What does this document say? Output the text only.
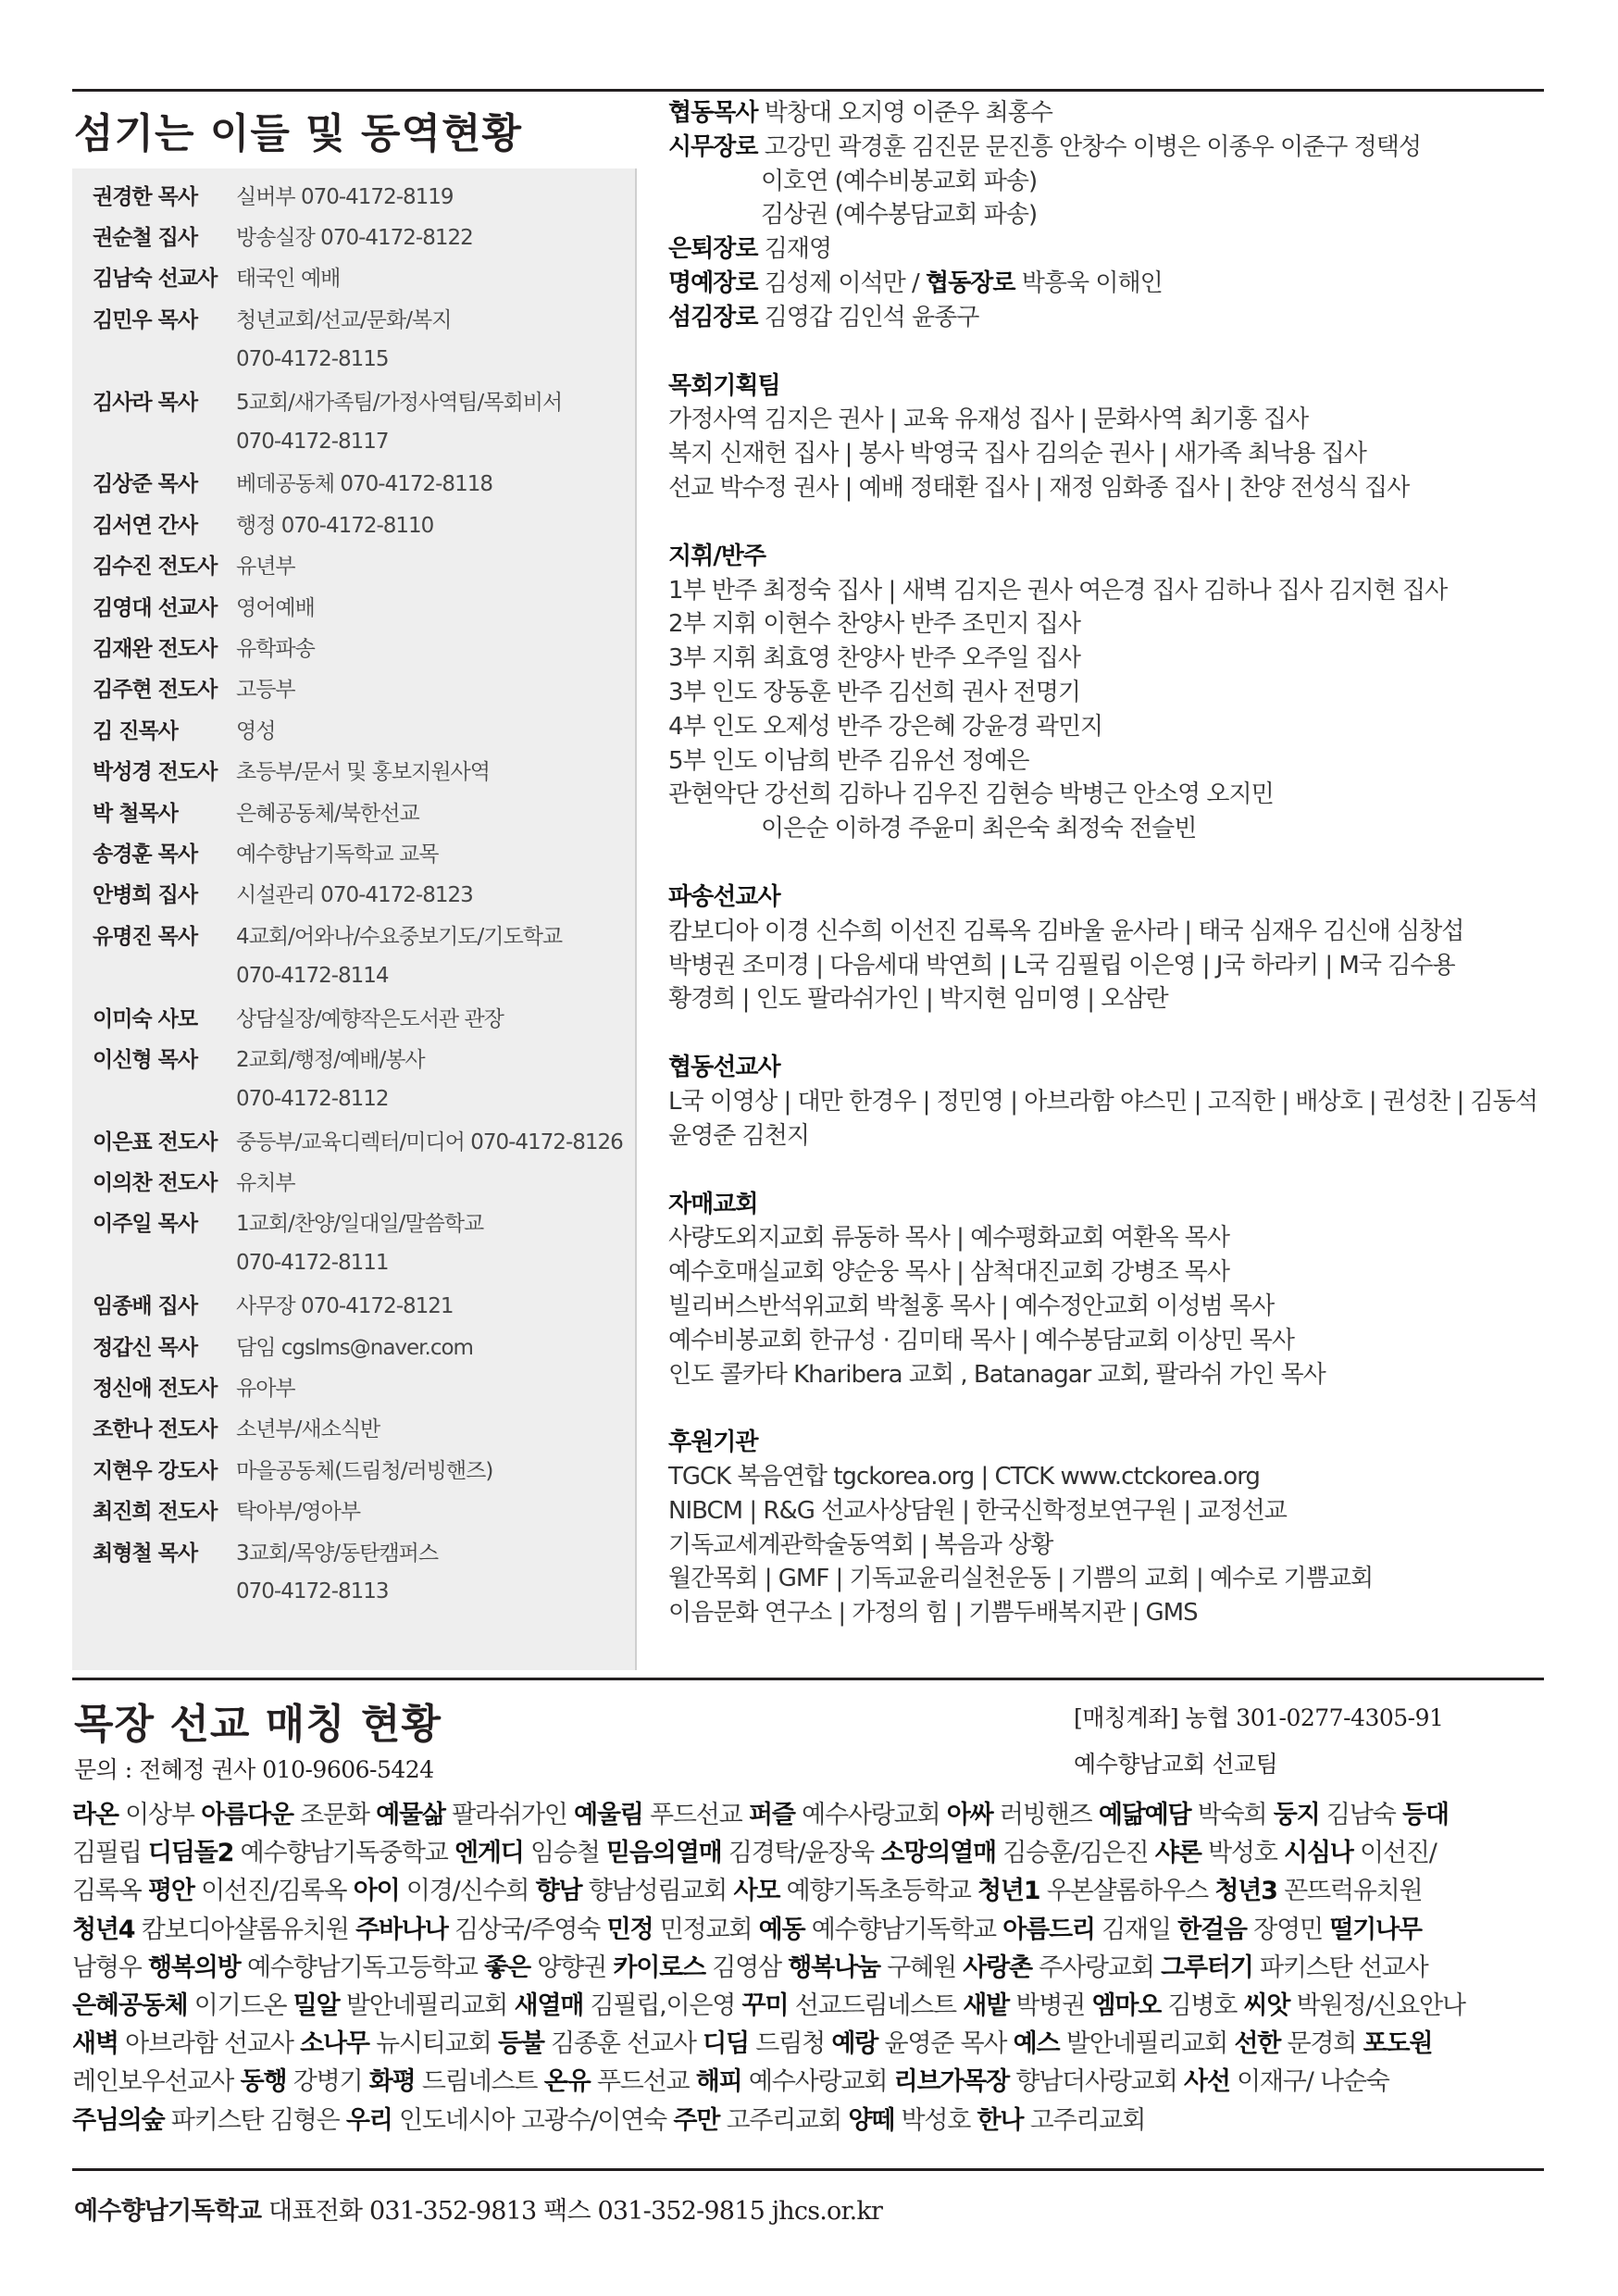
섬기는 이들 및 동역현황
권경한 목사	실버부 070-4172-8119
권순철 집사	방송실장 070-4172-8122
김남숙 선교사 태국인 예배
김민우 목사	청년교회/선교/문화/복지
070-4172-8115
김사라 목사	5교회/새가족팀/가정사역팀/목회비서
070-4172-8117
김상준 목사	베데공동체 070-4172-8118
김서연 간사	행정 070-4172-8110
김수진 전도사 유년부
김영대 선교사 영어예배
김재완 전도사 유학파송
김주현 전도사 고등부
김 진목사	영성
박성경 전도사 초등부/문서 및 홍보지원사역
박 철목사	은혜공동체/북한선교
송경훈 목사	예수향남기독학교 교목
안병희 집사	시설관리 070-4172-8123
유명진 목사	4교회/어와나/수요중보기도/기도학교
070-4172-8114
이미숙 사모	상담실장/예향작은도서관 관장
이신형 목사	2교회/행정/예배/봉사
070-4172-8112
이은표 전도사 중등부/교육디렉터/미디어 070-4172-8126
이의찬 전도사 유치부
이주일 목사	1교회/찬양/일대일/말씀학교
070-4172-8111
임종배 집사	사무장 070-4172-8121
정갑신 목사	담임 cgslms@naver.com
정신애 전도사 유아부
조한나 전도사 소년부/새소식반
지현우 강도사 마을공동체(드림청/러빙핸즈)
최진희 전도사 탁아부/영아부
최형철 목사	3교회/목양/동탄캠퍼스
070-4172-8113
협동목사 박창대 오지영 이준우 최홍수
시무장로 고강민 곽경훈 김진문 문진흥 안창수 이병은 이종우 이준구 정택성
이호연 (예수비봉교회 파송)
김상권 (예수봉담교회 파송)
은퇴장로 김재영
명예장로 김성제 이석만 / 협동장로 박흥욱 이해인
섬김장로 김영갑 김인석 윤종구
목회기획팀
가정사역 김지은 권사 | 교육 유재성 집사 | 문화사역 최기홍 집사
복지 신재헌 집사 | 봉사 박영국 집사 김의순 권사 | 새가족 최낙용 집사
선교 박수정 권사 | 예배 정태환 집사 | 재정 임화종 집사 | 찬양 전성식 집사
지휘/반주
1부 반주 최정숙 집사 | 새벽 김지은 권사 여은경 집사 김하나 집사 김지현 집사
2부 지휘 이현수 찬양사 반주 조민지 집사
3부 지휘 최효영 찬양사 반주 오주일 집사
3부 인도 장동훈 반주 김선희 권사 전명기
4부 인도 오제성 반주 강은혜 강윤경 곽민지
5부 인도 이남희 반주 김유선 정예은
관현악단 강선희 김하나 김우진 김현승 박병근 안소영 오지민
이은순 이하경 주윤미 최은숙 최정숙 전슬빈
파송선교사
캄보디아 이경 신수희 이선진 김록옥 김바울 윤사라 | 태국 심재우 김신애 심창섭
박병권 조미경 | 다음세대 박연희 | L국 김필립 이은영 | J국 하라키 | M국 김수용
황경희 | 인도 팔라쉬가인 | 박지현 임미영 | 오삼란
협동선교사
L국 이영상 | 대만 한경우 | 정민영 | 아브라함 야스민 | 고직한 | 배상호 | 권성찬 | 김동석
윤영준 김천지
자매교회
사량도외지교회 류동하 목사 | 예수평화교회 여환옥 목사
예수호매실교회 양순웅 목사 | 삼척대진교회 강병조 목사
빌리버스반석위교회 박철홍 목사 | 예수정안교회 이성범 목사
예수비봉교회 한규성 · 김미태 목사 | 예수봉담교회 이상민 목사
인도 콜카타 Kharibera 교회 , Batanagar 교회, 팔라쉬 가인 목사
후원기관
TGCK 복음연합 tgckorea.org | CTCK www.ctckorea.org
NIBCM | R&G 선교사상담원 | 한국신학정보연구원 | 교정선교
기독교세계관학술동역회 | 복음과 상황
월간목회 | GMF | 기독교윤리실천운동 | 기쁨의 교회 | 예수로 기쁨교회
이음문화 연구소 | 가정의 힘 | 기쁨두배복지관 | GMS
목장 선교 매칭 현황
문의 : 전혜정 권사 010-9606-5424
[매칭계좌] 농협 301-0277-4305-91
예수향남교회 선교팀
라온 이상부 아름다운 조문화 예물삶 팔라쉬가인 예울림 푸드선교 퍼즐 예수사랑교회 아싸 러빙핸즈 예닮예담 박숙희 둥지 김남숙 등대
김필립 디딤돌2 예수향남기독중학교 엔게디 임승철 믿음의열매 김경탁/윤장욱 소망의열매 김승훈/김은진 샤론 박성호 시심나 이선진/
김록옥 평안 이선진/김록옥 아이 이경/신수희 향남 향남성림교회 사모 예향기독초등학교 청년1 우본샬롬하우스 청년3 꼰뜨럭유치원
청년4 캄보디아샬롬유치원 주바나나 김상국/주영숙 민정 민정교회 예동 예수향남기독학교 아름드리 김재일 한걸음 장영민 떨기나무
남형우 행복의방 예수향남기독고등학교 좋은 양향권 카이로스 김영삼 행복나눔 구혜원 사랑촌 주사랑교회 그루터기 파키스탄 선교사
은혜공동체 이기드온 밀알 발안네필리교회 새열매 김필립,이은영 꾸미 선교드림네스트 새밭 박병권 엠마오 김병호 씨앗 박원정/신요안나
새벽 아브라함 선교사 소나무 뉴시티교회 등불 김종훈 선교사 디딤 드림청 예랑 윤영준 목사 예스 발안네필리교회 선한 문경희 포도원
레인보우선교사 동행 강병기 화평 드림네스트 온유 푸드선교 해피 예수사랑교회 리브가목장 향남더사랑교회 사선 이재구/ 나순숙
주님의숲 파키스탄 김형은 우리 인도네시아 고광수/이연숙 주만 고주리교회 양떼 박성호 한나 고주리교회
예수향남기독학교 대표전화 031-352-9813 팩스 031-352-9815 jhcs.or.kr
